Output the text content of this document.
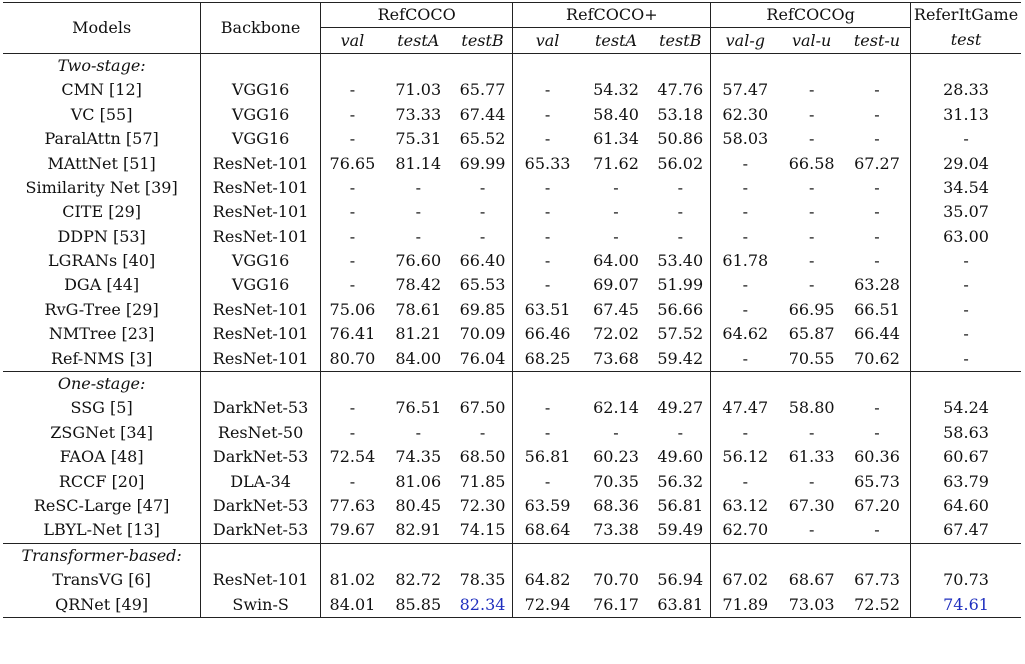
Models	Backbone	RefCOCO			RefCOCO+			RefCOCOg			ReferItGame
		val	testA	testB	val	testA	testB	val-g	val-u	test-u	test
Two-stage:											
CMN [12]	VGG16	-	71.03	65.77	-	54.32	47.76	57.47	-	-	28.33
VC [55]	VGG16	-	73.33	67.44	-	58.40	53.18	62.30	-	-	31.13
ParalAttn [57]	VGG16	-	75.31	65.52	-	61.34	50.86	58.03	-	-	-
MAttNet [51]	ResNet-101	76.65	81.14	69.99	65.33	71.62	56.02	-	66.58	67.27	29.04
Similarity Net [39]	ResNet-101	-	-	-	-	-	-	-	-	-	34.54
CITE [29]	ResNet-101	-	-	-	-	-	-	-	-	-	35.07
DDPN [53]	ResNet-101	-	-	-	-	-	-	-	-	-	63.00
LGRANs [40]	VGG16	-	76.60	66.40	-	64.00	53.40	61.78	-	-	-
DGA [44]	VGG16	-	78.42	65.53	-	69.07	51.99	-	-	63.28	-
RvG-Tree [29]	ResNet-101	75.06	78.61	69.85	63.51	67.45	56.66	-	66.95	66.51	-
NMTree [23]	ResNet-101	76.41	81.21	70.09	66.46	72.02	57.52	64.62	65.87	66.44	-
Ref-NMS [3]	ResNet-101	80.70	84.00	76.04	68.25	73.68	59.42	-	70.55	70.62	-
One-stage:											
SSG [5]	DarkNet-53	-	76.51	67.50	-	62.14	49.27	47.47	58.80	-	54.24
ZSGNet [34]	ResNet-50	-	-	-	-	-	-	-	-	-	58.63
FAOA [48]	DarkNet-53	72.54	74.35	68.50	56.81	60.23	49.60	56.12	61.33	60.36	60.67
RCCF [20]	DLA-34	-	81.06	71.85	-	70.35	56.32	-	-	65.73	63.79
ReSC-Large [47]	DarkNet-53	77.63	80.45	72.30	63.59	68.36	56.81	63.12	67.30	67.20	64.60
LBYL-Net [13]	DarkNet-53	79.67	82.91	74.15	68.64	73.38	59.49	62.70	-	-	67.47
Transformer-based:											
TransVG [6]	ResNet-101	81.02	82.72	78.35	64.82	70.70	56.94	67.02	68.67	67.73	70.73
QRNet [49]	Swin-S	84.01	85.85	82.34	72.94	76.17	63.81	71.89	73.03	72.52	74.61
